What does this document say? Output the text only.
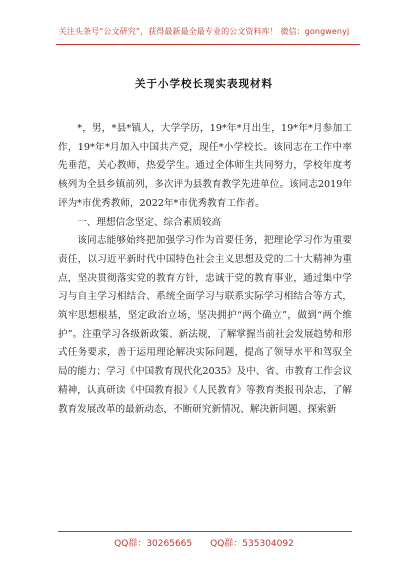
关注头条号“公文研究”，获得最新最全最专业的公文资料库！ 微信：gongwenyj
关于小学校长现实表现材料

*，男，*县*镇人，大学学历，19*年*月出生，19*年*月参加工作，19*年*月加入中国共产党，现任*小学校长。该同志在工作中率先垂范，关心教师，热爱学生。通过全体师生共同努力，学校年度考核列为全县乡镇前列，多次评为县教育教学先进单位。该同志2019年评为*市优秀教师，2022年*市优秀教育工作者。

一、理想信念坚定、综合素质较高

该同志能够始终把加强学习作为首要任务，把理论学习作为重要责任，以习近平新时代中国特色社会主义思想及党的二十大精神为重点，坚决贯彻落实党的教育方针，忠诚于党的教育事业，通过集中学习与自主学习相结合、系统全面学习与联系实际学习相结合等方式，筑牢思想根基，坚定政治立场，坚决拥护“两个确立”，做到“两个维护”。注重学习各级新政策、新法规，了解掌握当前社会发展趋势和形式任务要求，善于运用理论解决实际问题，提高了领导水平和驾驭全局的能力；学习《中国教育现代化2035》及中、省、市教育工作会议精神，认真研读《中国教育报》《人民教育》等教育类报刊杂志，了解教育发展改革的最新动态，不断研究新情况、解决新问题、探索新

QQ群：30265665　　QQ群：535304092
